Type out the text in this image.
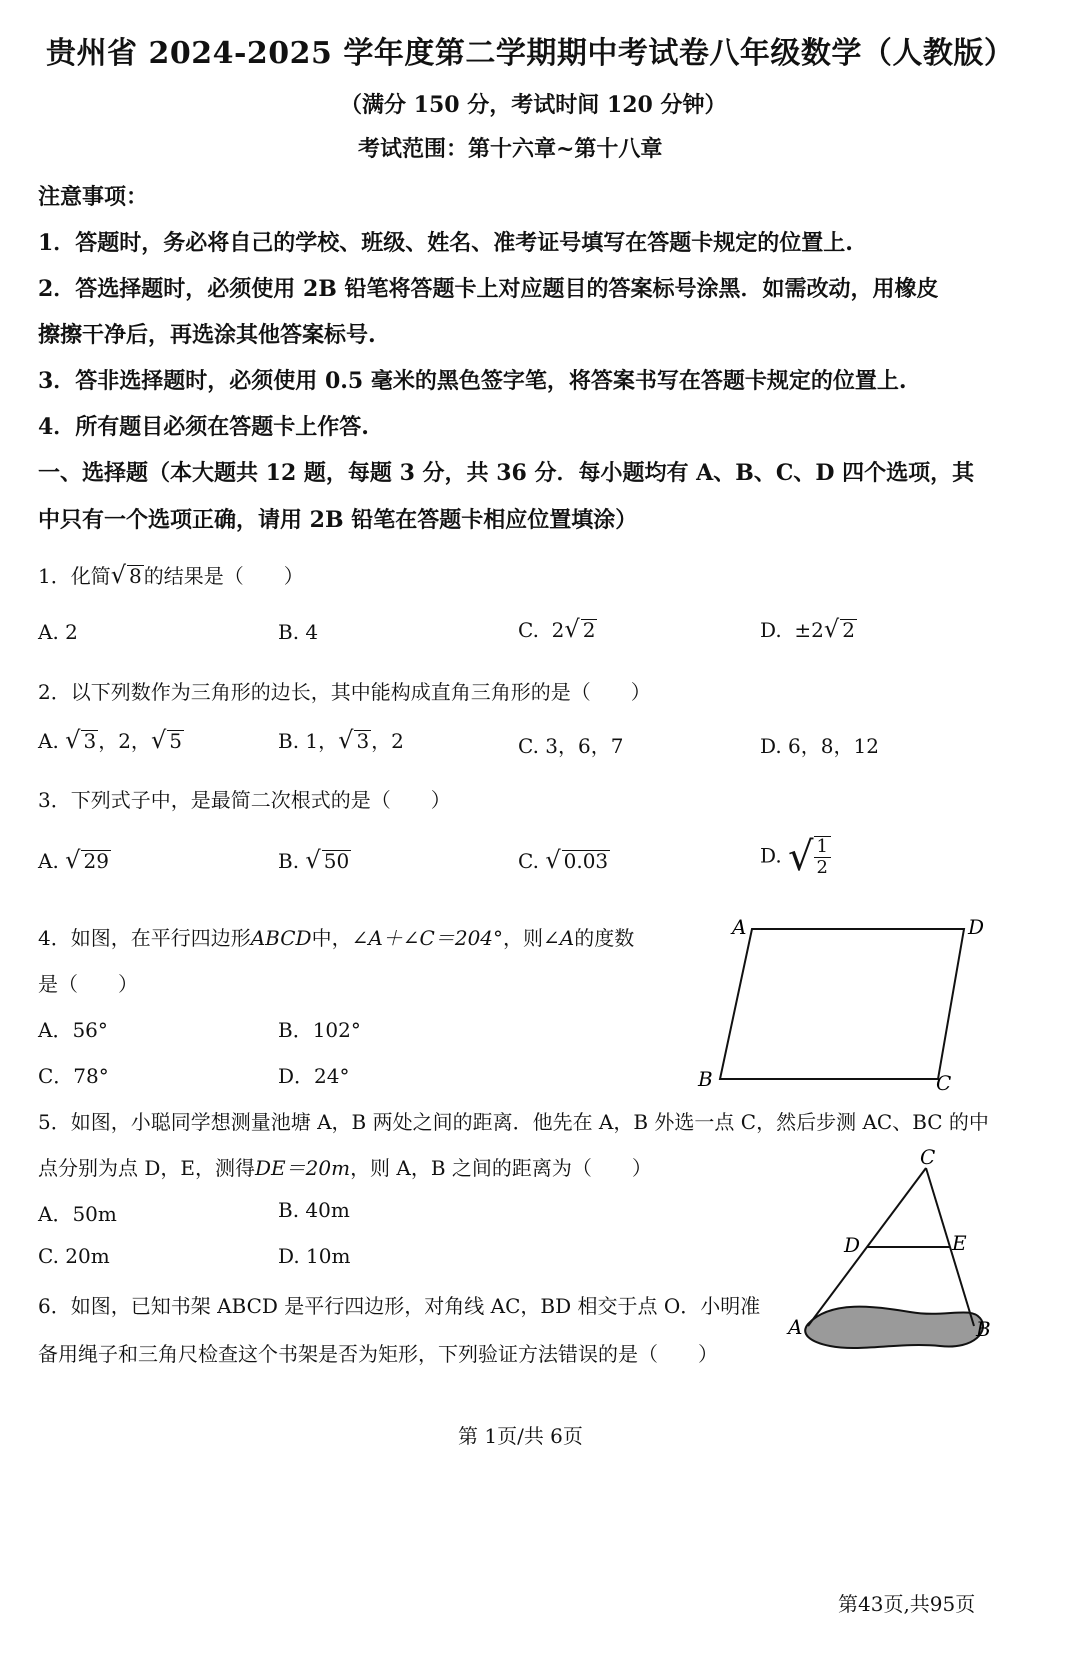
贵州省 2024-2025 学年度第二学期期中考试卷八年级数学（人教版）
（满分 150 分，考试时间 120 分钟）
考试范围：第十六章~第十八章
注意事项：
1．答题时，务必将自己的学校、班级、姓名、准考证号填写在答题卡规定的位置上.
2．答选择题时，必须使用 2B 铅笔将答题卡上对应题目的答案标号涂黑．如需改动，用橡皮
擦擦干净后，再选涂其他答案标号.
3．答非选择题时，必须使用 0.5 毫米的黑色签字笔，将答案书写在答题卡规定的位置上.
4．所有题目必须在答题卡上作答.
一、选择题（本大题共 12 题，每题 3 分，共 36 分．每小题均有 A、B、C、D 四个选项，其
中只有一个选项正确，请用 2B 铅笔在答题卡相应位置填涂）
1．化简√ 8 的结果是（　　）
A. 2	B. 4	C. 2√ 2	D. ±2√ 2
2．以下列数作为三角形的边长，其中能构成直角三角形的是（　　）
A. √ 3 ，2，√ 5	B. 1，√ 3 ，2	C. 3，6，7	D. 6，8，12
3．下列式子中，是最简二次根式的是（　　）
A. √ 29	B. √ 50	C. √ 0.03	D. √ $\frac{1}{2}$
4．如图，在平行四边形ABCD中，∠A＋∠C＝204°，则∠A的度数
是（　　）
A．56°	B．102°
C．78°	D．24°
A	D
B	C
5．如图，小聪同学想测量池塘 A，B 两处之间的距离．他先在 A，B 外选一点 C，然后步测 AC、BC 的中
点分别为点 D，E，测得DE＝20m，则 A，B 之间的距离为（　　）
A．50m	B. 40m
C. 20m	D. 10m
C
D	E
A	B
6．如图，已知书架 ABCD 是平行四边形，对角线 AC，BD 相交于点 O．小明准
备用绳子和三角尺检查这个书架是否为矩形，下列验证方法错误的是（　　）
第 1页/共 6页
第43页,共95页
